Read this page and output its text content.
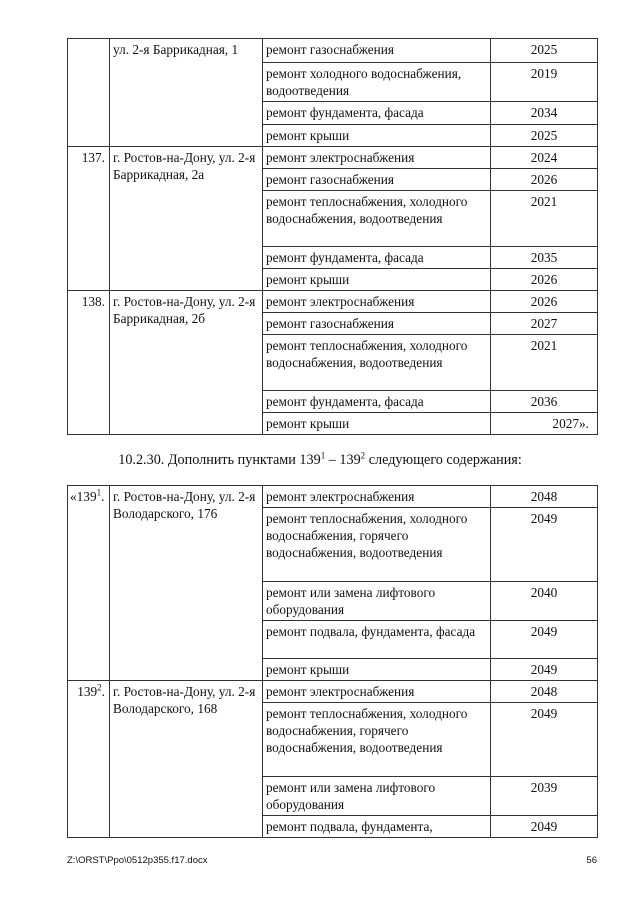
	ул. 2-я Баррикадная, 1	ремонт газоснабжения	2025
		ремонт холодного водоснабжения, водоотведения	2019
		ремонт фундамента, фасада	2034
		ремонт крыши	2025
137.	г. Ростов-на-Дону, ул. 2-я Баррикадная, 2а	ремонт электроснабжения	2024
		ремонт газоснабжения	2026
		ремонт теплоснабжения, холодного водоснабжения, водоотведения	2021
		ремонт фундамента, фасада	2035
		ремонт крыши	2026
138.	г. Ростов-на-Дону, ул. 2-я Баррикадная, 2б	ремонт электроснабжения	2026
		ремонт газоснабжения	2027
		ремонт теплоснабжения, холодного водоснабжения, водоотведения	2021
		ремонт фундамента, фасада	2036
		ремонт крыши	2027».
10.2.30. Дополнить пунктами $139^1 - 139^2$ следующего содержания:
«$139^1$.	г. Ростов-на-Дону, ул. 2-я Володарского, 176	ремонт электроснабжения	2048
		ремонт теплоснабжения, холодного водоснабжения, горячего водоснабжения, водоотведения	2049
		ремонт или замена лифтового оборудования	2040
		ремонт подвала, фундамента, фасада	2049
		ремонт крыши	2049
$139^2$.	г. Ростов-на-Дону, ул. 2-я Володарского, 168	ремонт электроснабжения	2048
		ремонт теплоснабжения, холодного водоснабжения, горячего водоснабжения, водоотведения	2049
		ремонт или замена лифтового оборудования	2039
		ремонт подвала, фундамента,	2049
Z:\ORST\Ppo\0512p355.f17.docx	56
